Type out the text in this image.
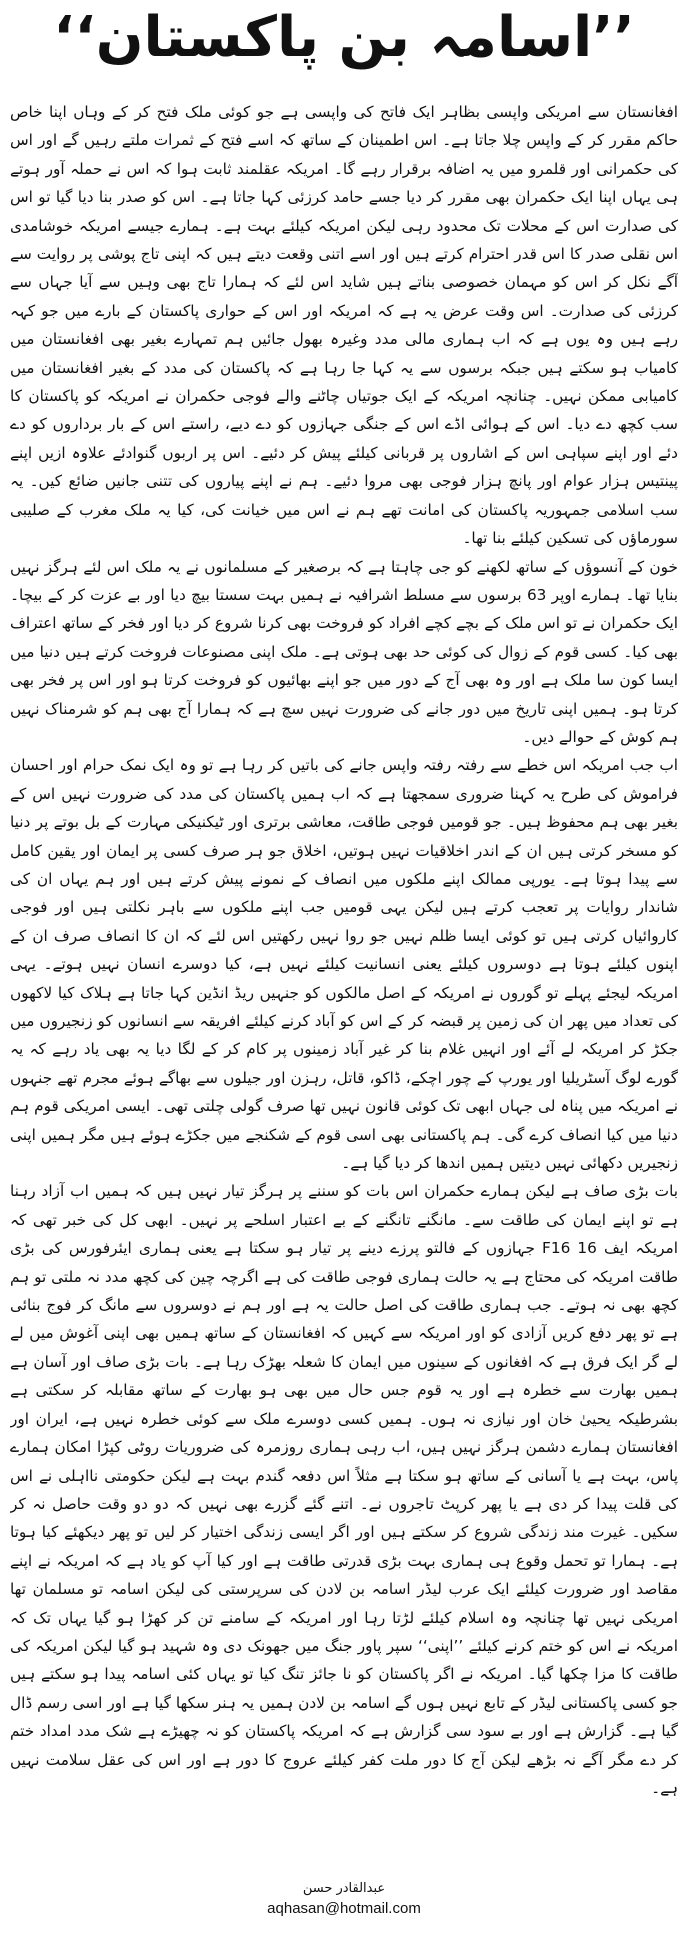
’’اسامہ بن پاکستان‘‘

افغانستان سے امریکی واپسی بظاہر ایک فاتح کی واپسی ہے جو کوئی ملک فتح کر کے وہاں اپنا خاص حاکم مقرر کر کے واپس چلا جاتا ہے۔ اس اطمینان کے ساتھ کہ اسے فتح کے ثمرات ملتے رہیں گے اور اس کی حکمرانی اور قلمرو میں یہ اضافہ برقرار رہے گا۔ امریکہ عقلمند ثابت ہوا کہ اس نے حملہ آور ہوتے ہی یہاں اپنا ایک حکمران بھی مقرر کر دیا جسے حامد کرزئی کہا جاتا ہے۔ اس کو صدر بنا دیا گیا تو اس کی صدارت اس کے محلات تک محدود رہی لیکن امریکہ کیلئے بہت ہے۔ ہمارے جیسے امریکہ خوشامدی اس نقلی صدر کا اس قدر احترام کرتے ہیں اور اسے اتنی وقعت دیتے ہیں کہ اپنی تاج پوشی پر روایت سے آگے نکل کر اس کو مہمان خصوصی بناتے ہیں شاید اس لئے کہ ہمارا تاج بھی وہیں سے آیا جہاں سے کرزئی کی صدارت۔ اس وقت عرض یہ ہے کہ امریکہ اور اس کے حواری پاکستان کے بارے میں جو کہہ رہے ہیں وہ یوں ہے کہ اب ہماری مالی مدد وغیرہ بھول جائیں ہم تمہارے بغیر بھی افغانستان میں کامیاب ہو سکتے ہیں جبکہ برسوں سے یہ کہا جا رہا ہے کہ پاکستان کی مدد کے بغیر افغانستان میں کامیابی ممکن نہیں۔ چنانچہ امریکہ کے ایک جوتیاں چاٹنے والے فوجی حکمران نے امریکہ کو پاکستان کا سب کچھ دے دیا۔ اس کے ہوائی اڈے اس کے جنگی جہازوں کو دے دیے، راستے اس کے بار برداروں کو دے دئے اور اپنے سپاہی اس کے اشاروں پر قربانی کیلئے پیش کر دئیے۔ اس پر اربوں گنوادئے علاوہ ازیں اپنے پینتیس ہزار عوام اور پانچ ہزار فوجی بھی مروا دئیے۔ ہم نے اپنے پیاروں کی تتنی جانیں ضائع کیں۔ یہ سب اسلامی جمہوریہ پاکستان کی امانت تھے ہم نے اس میں خیانت کی، کیا یہ ملک مغرب کے صلیبی سورماؤں کی تسکین کیلئے بنا تھا۔

خون کے آنسوؤں کے ساتھ لکھنے کو جی چاہتا ہے کہ برصغیر کے مسلمانوں نے یہ ملک اس لئے ہرگز نہیں بنایا تھا۔ ہمارے اوپر 63 برسوں سے مسلط اشرافیہ نے ہمیں بہت سستا بیچ دیا اور بے عزت کر کے بیچا۔ ایک حکمران نے تو اس ملک کے بچے کچے افراد کو فروخت بھی کرنا شروع کر دیا اور فخر کے ساتھ اعتراف بھی کیا۔ کسی قوم کے زوال کی کوئی حد بھی ہوتی ہے۔ ملک اپنی مصنوعات فروخت کرتے ہیں دنیا میں ایسا کون سا ملک ہے اور وہ بھی آج کے دور میں جو اپنے بھائیوں کو فروخت کرتا ہو اور اس پر فخر بھی کرتا ہو۔ ہمیں اپنی تاریخ میں دور جانے کی ضرورت نہیں سچ ہے کہ ہمارا آج بھی ہم کو شرمناک نہیں ہم کوش کے حوالے دیں۔

اب جب امریکہ اس خطے سے رفتہ رفتہ واپس جانے کی باتیں کر رہا ہے تو وہ ایک نمک حرام اور احسان فراموش کی طرح یہ کہنا ضروری سمجھتا ہے کہ اب ہمیں پاکستان کی مدد کی ضرورت نہیں اس کے بغیر بھی ہم محفوظ ہیں۔ جو قومیں فوجی طاقت، معاشی برتری اور ٹیکنیکی مہارت کے بل بوتے پر دنیا کو مسخر کرتی ہیں ان کے اندر اخلاقیات نہیں ہوتیں، اخلاق جو ہر صرف کسی پر ایمان اور یقین کامل سے پیدا ہوتا ہے۔ یورپی ممالک اپنے ملکوں میں انصاف کے نمونے پیش کرتے ہیں اور ہم یہاں ان کی شاندار روایات پر تعجب کرتے ہیں لیکن یہی قومیں جب اپنے ملکوں سے باہر نکلتی ہیں اور فوجی کاروائیاں کرتی ہیں تو کوئی ایسا ظلم نہیں جو روا نہیں رکھتیں اس لئے کہ ان کا انصاف صرف ان کے اپنوں کیلئے ہوتا ہے دوسروں کیلئے یعنی انسانیت کیلئے نہیں ہے، کیا دوسرے انسان نہیں ہوتے۔ یہی امریکہ لیجئے پہلے تو گوروں نے امریکہ کے اصل مالکوں کو جنہیں ریڈ انڈین کہا جاتا ہے ہلاک کیا لاکھوں کی تعداد میں پھر ان کی زمین پر قبضہ کر کے اس کو آباد کرنے کیلئے افریقہ سے انسانوں کو زنجیروں میں جکڑ کر امریکہ لے آئے اور انہیں غلام بنا کر غیر آباد زمینوں پر کام کر کے لگا دیا یہ بھی یاد رہے کہ یہ گورے لوگ آسٹریلیا اور یورپ کے چور اچکے، ڈاکو، قاتل، رہزن اور جیلوں سے بھاگے ہوئے مجرم تھے جنہوں نے امریکہ میں پناہ لی جہاں ابھی تک کوئی قانون نہیں تھا صرف گولی چلتی تھی۔ ایسی امریکی قوم ہم دنیا میں کیا انصاف کرے گی۔ ہم پاکستانی بھی اسی قوم کے شکنجے میں جکڑے ہوئے ہیں مگر ہمیں اپنی زنجیریں دکھائی نہیں دیتیں ہمیں اندھا کر دیا گیا ہے۔

بات بڑی صاف ہے لیکن ہمارے حکمران اس بات کو سننے پر ہرگز تیار نہیں ہیں کہ ہمیں اب آزاد رہنا ہے تو اپنے ایمان کی طاقت سے۔ مانگنے تانگنے کے بے اعتبار اسلحے پر نہیں۔ ابھی کل کی خبر تھی کہ امریکہ ایف 16 F16 جہازوں کے فالتو پرزے دینے پر تیار ہو سکتا ہے یعنی ہماری ایئرفورس کی بڑی طاقت امریکہ کی محتاج ہے یہ حالت ہماری فوجی طاقت کی ہے اگرچہ چین کی کچھ مدد نہ ملتی تو ہم کچھ بھی نہ ہوتے۔ جب ہماری طاقت کی اصل حالت یہ ہے اور ہم نے دوسروں سے مانگ کر فوج بنائی ہے تو پھر دفع کریں آزادی کو اور امریکہ سے کہیں کہ افغانستان کے ساتھ ہمیں بھی اپنی آغوش میں لے لے گر ایک فرق ہے کہ افغانوں کے سینوں میں ایمان کا شعلہ بھڑک رہا ہے۔ بات بڑی صاف اور آسان ہے ہمیں بھارت سے خطرہ ہے اور یہ قوم جس حال میں بھی ہو بھارت کے ساتھ مقابلہ کر سکتی ہے بشرطیکہ یحییٰ خان اور نیازی نہ ہوں۔ ہمیں کسی دوسرے ملک سے کوئی خطرہ نہیں ہے، ایران اور افغانستان ہمارے دشمن ہرگز نہیں ہیں، اب رہی ہماری روزمرہ کی ضروریات روٹی کپڑا امکان ہمارے پاس، بہت ہے یا آسانی کے ساتھ ہو سکتا ہے مثلاً اس دفعہ گندم بہت ہے لیکن حکومتی نااہلی نے اس کی قلت پیدا کر دی ہے یا پھر کرپٹ تاجروں نے۔ اتنے گئے گزرے بھی نہیں کہ دو دو وقت حاصل نہ کر سکیں۔ غیرت مند زندگی شروع کر سکتے ہیں اور اگر ایسی زندگی اختیار کر لیں تو پھر دیکھئے کیا ہوتا ہے۔ ہمارا تو تحمل وقوع ہی ہماری بہت بڑی قدرتی طاقت ہے اور کیا آپ کو یاد ہے کہ امریکہ نے اپنے مقاصد اور ضرورت کیلئے ایک عرب لیڈر اسامہ بن لادن کی سرپرستی کی لیکن اسامہ تو مسلمان تھا امریکی نہیں تھا چنانچہ وہ اسلام کیلئے لڑتا رہا اور امریکہ کے سامنے تن کر کھڑا ہو گیا یہاں تک کہ امریکہ نے اس کو ختم کرنے کیلئے ’’اپنی‘‘ سپر پاور جنگ میں جھونک دی وہ شہید ہو گیا لیکن امریکہ کی طاقت کا مزا چکھا گیا۔ امریکہ نے اگر پاکستان کو نا جائز تنگ کیا تو یہاں کئی اسامہ پیدا ہو سکتے ہیں جو کسی پاکستانی لیڈر کے تابع نہیں ہوں گے اسامہ بن لادن ہمیں یہ ہنر سکھا گیا ہے اور اسی رسم ڈال گیا ہے۔ گزارش ہے اور بے سود سی گزارش ہے کہ امریکہ پاکستان کو نہ چھیڑے ہے شک مدد امداد ختم کر دے مگر آگے نہ بڑھے لیکن آج کا دور ملت کفر کیلئے عروج کا دور ہے اور اس کی عقل سلامت نہیں ہے۔

عبدالقادر حسن
aqhasan@hotmail.com
